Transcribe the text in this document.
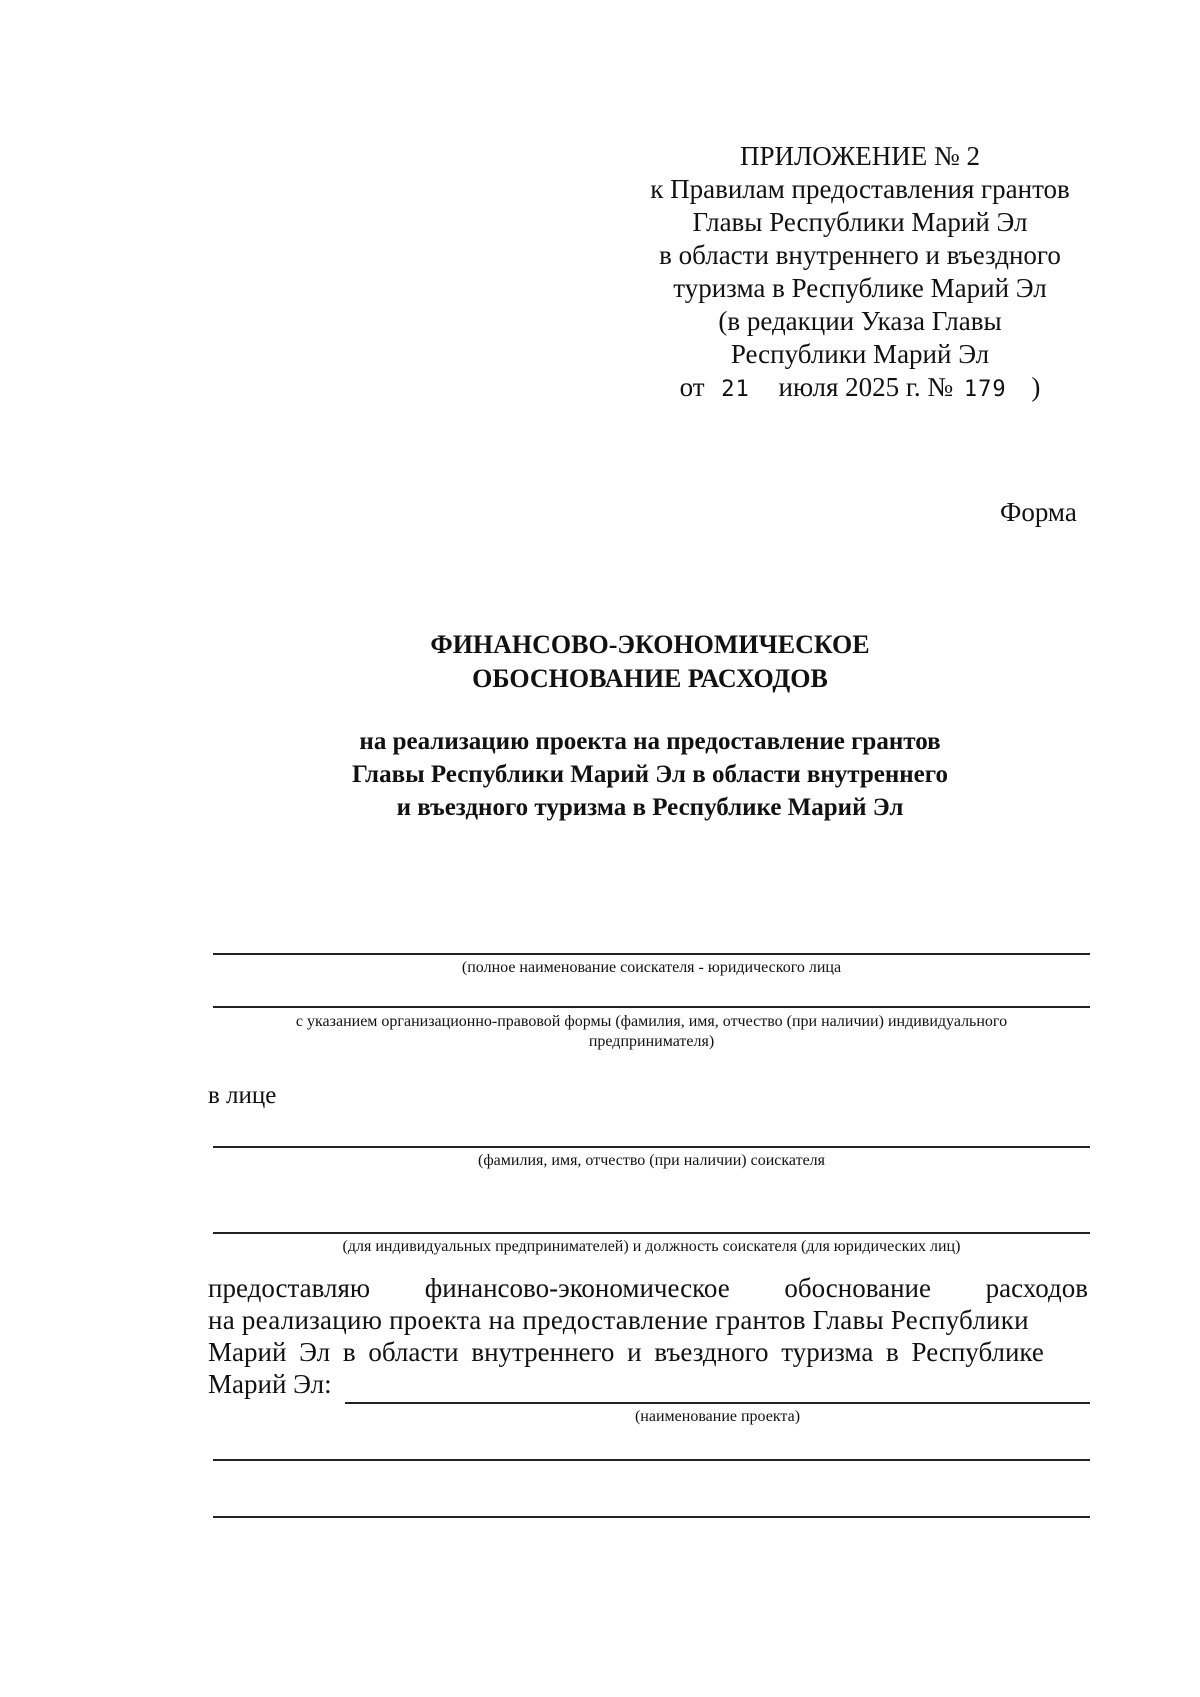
ПРИЛОЖЕНИЕ № 2
к Правилам предоставления грантов
Главы Республики Марий Эл
в области внутреннего и въездного
туризма в Республике Марий Эл
(в редакции Указа Главы
Республики Марий Эл
от 21 июля 2025 г. № 179 )
Форма
ФИНАНСОВО-ЭКОНОМИЧЕСКОЕ
ОБОСНОВАНИЕ РАСХОДОВ
на реализацию проекта на предоставление грантов
Главы Республики Марий Эл в области внутреннего
и въездного туризма в Республике Марий Эл
(полное наименование соискателя - юридического лица
с указанием организационно-правовой формы (фамилия, имя, отчество (при наличии) индивидуального
предпринимателя)
в лице
(фамилия, имя, отчество (при наличии) соискателя
(для индивидуальных предпринимателей) и должность соискателя (для юридических лиц)
предоставляю финансово-экономическое обоснование расходов
на реализацию проекта на предоставление грантов Главы Республики
Марий Эл в области внутреннего и въездного туризма в Республике
Марий Эл:
(наименование проекта)
